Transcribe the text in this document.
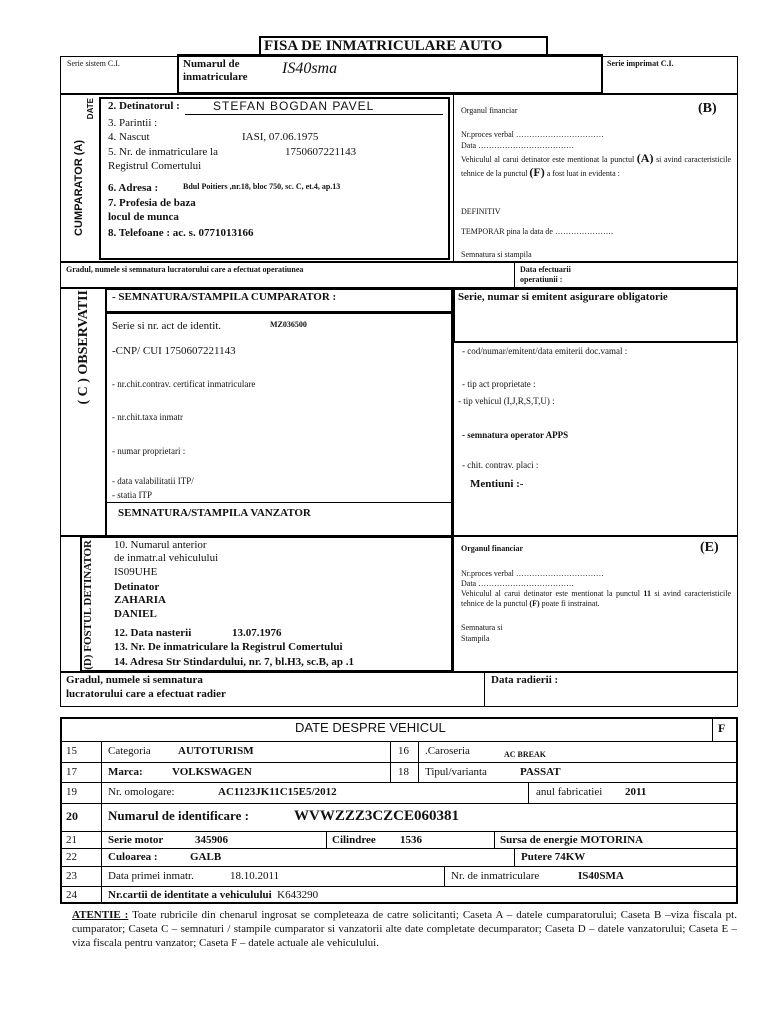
FISA DE INMATRICULARE AUTO
Serie sistem C.I.	Numarul de inmatriculare	IS40sma	Serie imprimat C.I.
CUMPARATOR (A)
DATE 2. Detinatorul :	STEFAN BOGDAN PAVEL
3. Parintii :
4. Nascut	IASI, 07.06.1975
5. Nr. de inmatriculare la	1750607221143
Registrul Comertului
6. Adresa :	Bdul Poitiers ,nr.18, bloc 750, sc. C, et.4, ap.13
7. Profesia de baza
locul de munca
8. Telefoane : ac. s. 0771013166
Organul financiar	(B)
Nr.proces verbal ……………………………
Data ………………………………
Vehiculul al carui detinator este mentionat la punctul (A) si avind caracteristicile tehnice de la punctul (F) a fost luat in evidenta :
DEFINITIV
TEMPORAR pina la data de ………………….
Semnatura si stampila
Gradul, numele si semnatura lucratorului care a efectuat operatiunea	Data efectuarii operatiunii :
( C ) OBSERVATII - SEMNATURA/STAMPILA CUMPARATOR :	Serie, numar si emitent asigurare obligatorie
Serie si nr. act de identit.	MZ036500
-CNP/ CUI 1750607221143
- nr.chit.contrav. certificat inmatriculare
- nr.chit.taxa inmatr
- numar proprietari :
- data valabilitatii ITP/
- statia ITP
SEMNATURA/STAMPILA VANZATOR
- cod/numar/emitent/data emiterii doc.vamal :
- tip act proprietate :
- tip vehicul (I,J,R,S,T,U) :
- semnatura operator APPS
- chit. contrav. placi :
Mentiuni :-
(D) FOSTUL DETINATOR 10. Numarul anterior
de inmatr.al vehiculului
IS09UHE
Detinator
ZAHARIA
DANIEL
12. Data nasterii	13.07.1976
13. Nr. De inmatriculare la Registrul Comertului
14. Adresa Str Stindardului, nr. 7, bl.H3, sc.B, ap .1
Organul financiar	(E)
Nr.proces verbal ……………………………
Data ………………………………
Vehiculul al carui detinator este mentionat la punctul 11 si avind caracteristicile tehnice de la punctul (F) poate fi instrainat.
Semnatura si
Stampila
Gradul, numele si semnatura
lucratorului care a efectuat radier
Data radierii :
DATE DESPRE VEHICUL	F
15	Categoria AUTOTURISM	16 .Caroseria	AC BREAK
17	Marca:	VOLKSWAGEN	18 Tipul/varianta	PASSAT
19	Nr. omologare:	AC1123JK11C15E5/2012	anul fabricatiei 2011
20 Numarul de identificare :	WVWZZZ3CZCE060381
21	Serie motor	345906	Cilindree 1536	Sursa de energie MOTORINA
22	Culoarea :	GALB	Putere 74KW
23	Data primei inmatr.	18.10.2011	Nr. de inmatriculare	IS40SMA
24	Nr.cartii de identitate a vehiculului K643290
ATENTIE : Toate rubricile din chenarul ingrosat se completeaza de catre solicitanti; Caseta A – datele cumparatorului; Caseta B –viza fiscala pt. cumparator; Caseta C – semnaturi / stampile cumparator si vanzatorii alte date completate decumparator; Caseta D – datele vanzatorului; Caseta E – viza fiscala pentru vanzator; Caseta F – datele actuale ale vehiculului.
